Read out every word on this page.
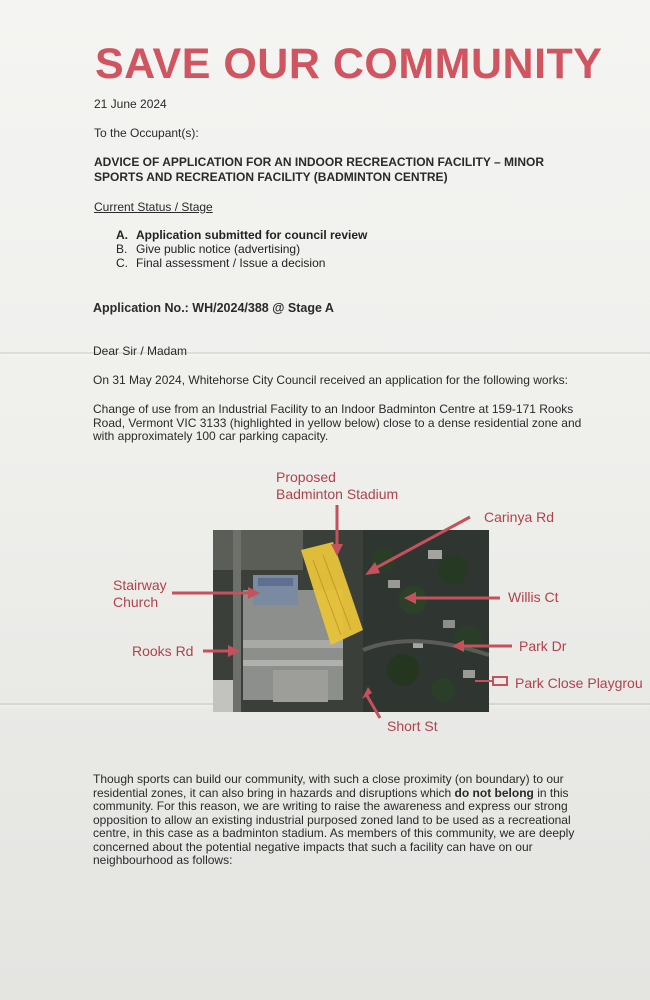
SAVE OUR COMMUNITY
21 June 2024
To the Occupant(s):
ADVICE OF APPLICATION FOR AN INDOOR RECREACTION FACILITY – MINOR
SPORTS AND RECREATION FACILITY (BADMINTON CENTRE)
Current Status / Stage
A. Application submitted for council review
B. Give public notice (advertising)
C. Final assessment / Issue a decision
Application No.: WH/2024/388 @ Stage A
Dear Sir / Madam
On 31 May 2024, Whitehorse City Council received an application for the following works:
Change of use from an Industrial Facility to an Indoor Badminton Centre at 159-171 Rooks
Road, Vermont VIC 3133 (highlighted in yellow below) close to a dense residential zone and
with approximately 100 car parking capacity.
Proposed
Badminton Stadium
Carinya Rd
Stairway
Church	Willis Ct
Park Dr
Rooks Rd
Park Close Playgrou
Short St
Though sports can build our community, with such a close proximity (on boundary) to our
residential zones, it can also bring in hazards and disruptions which do not belong in this
community. For this reason, we are writing to raise the awareness and express our strong
opposition to allow an existing industrial purposed zoned land to be used as a recreational
centre, in this case as a badminton stadium. As members of this community, we are deeply
concerned about the potential negative impacts that such a facility can have on our
neighbourhood as follows:
